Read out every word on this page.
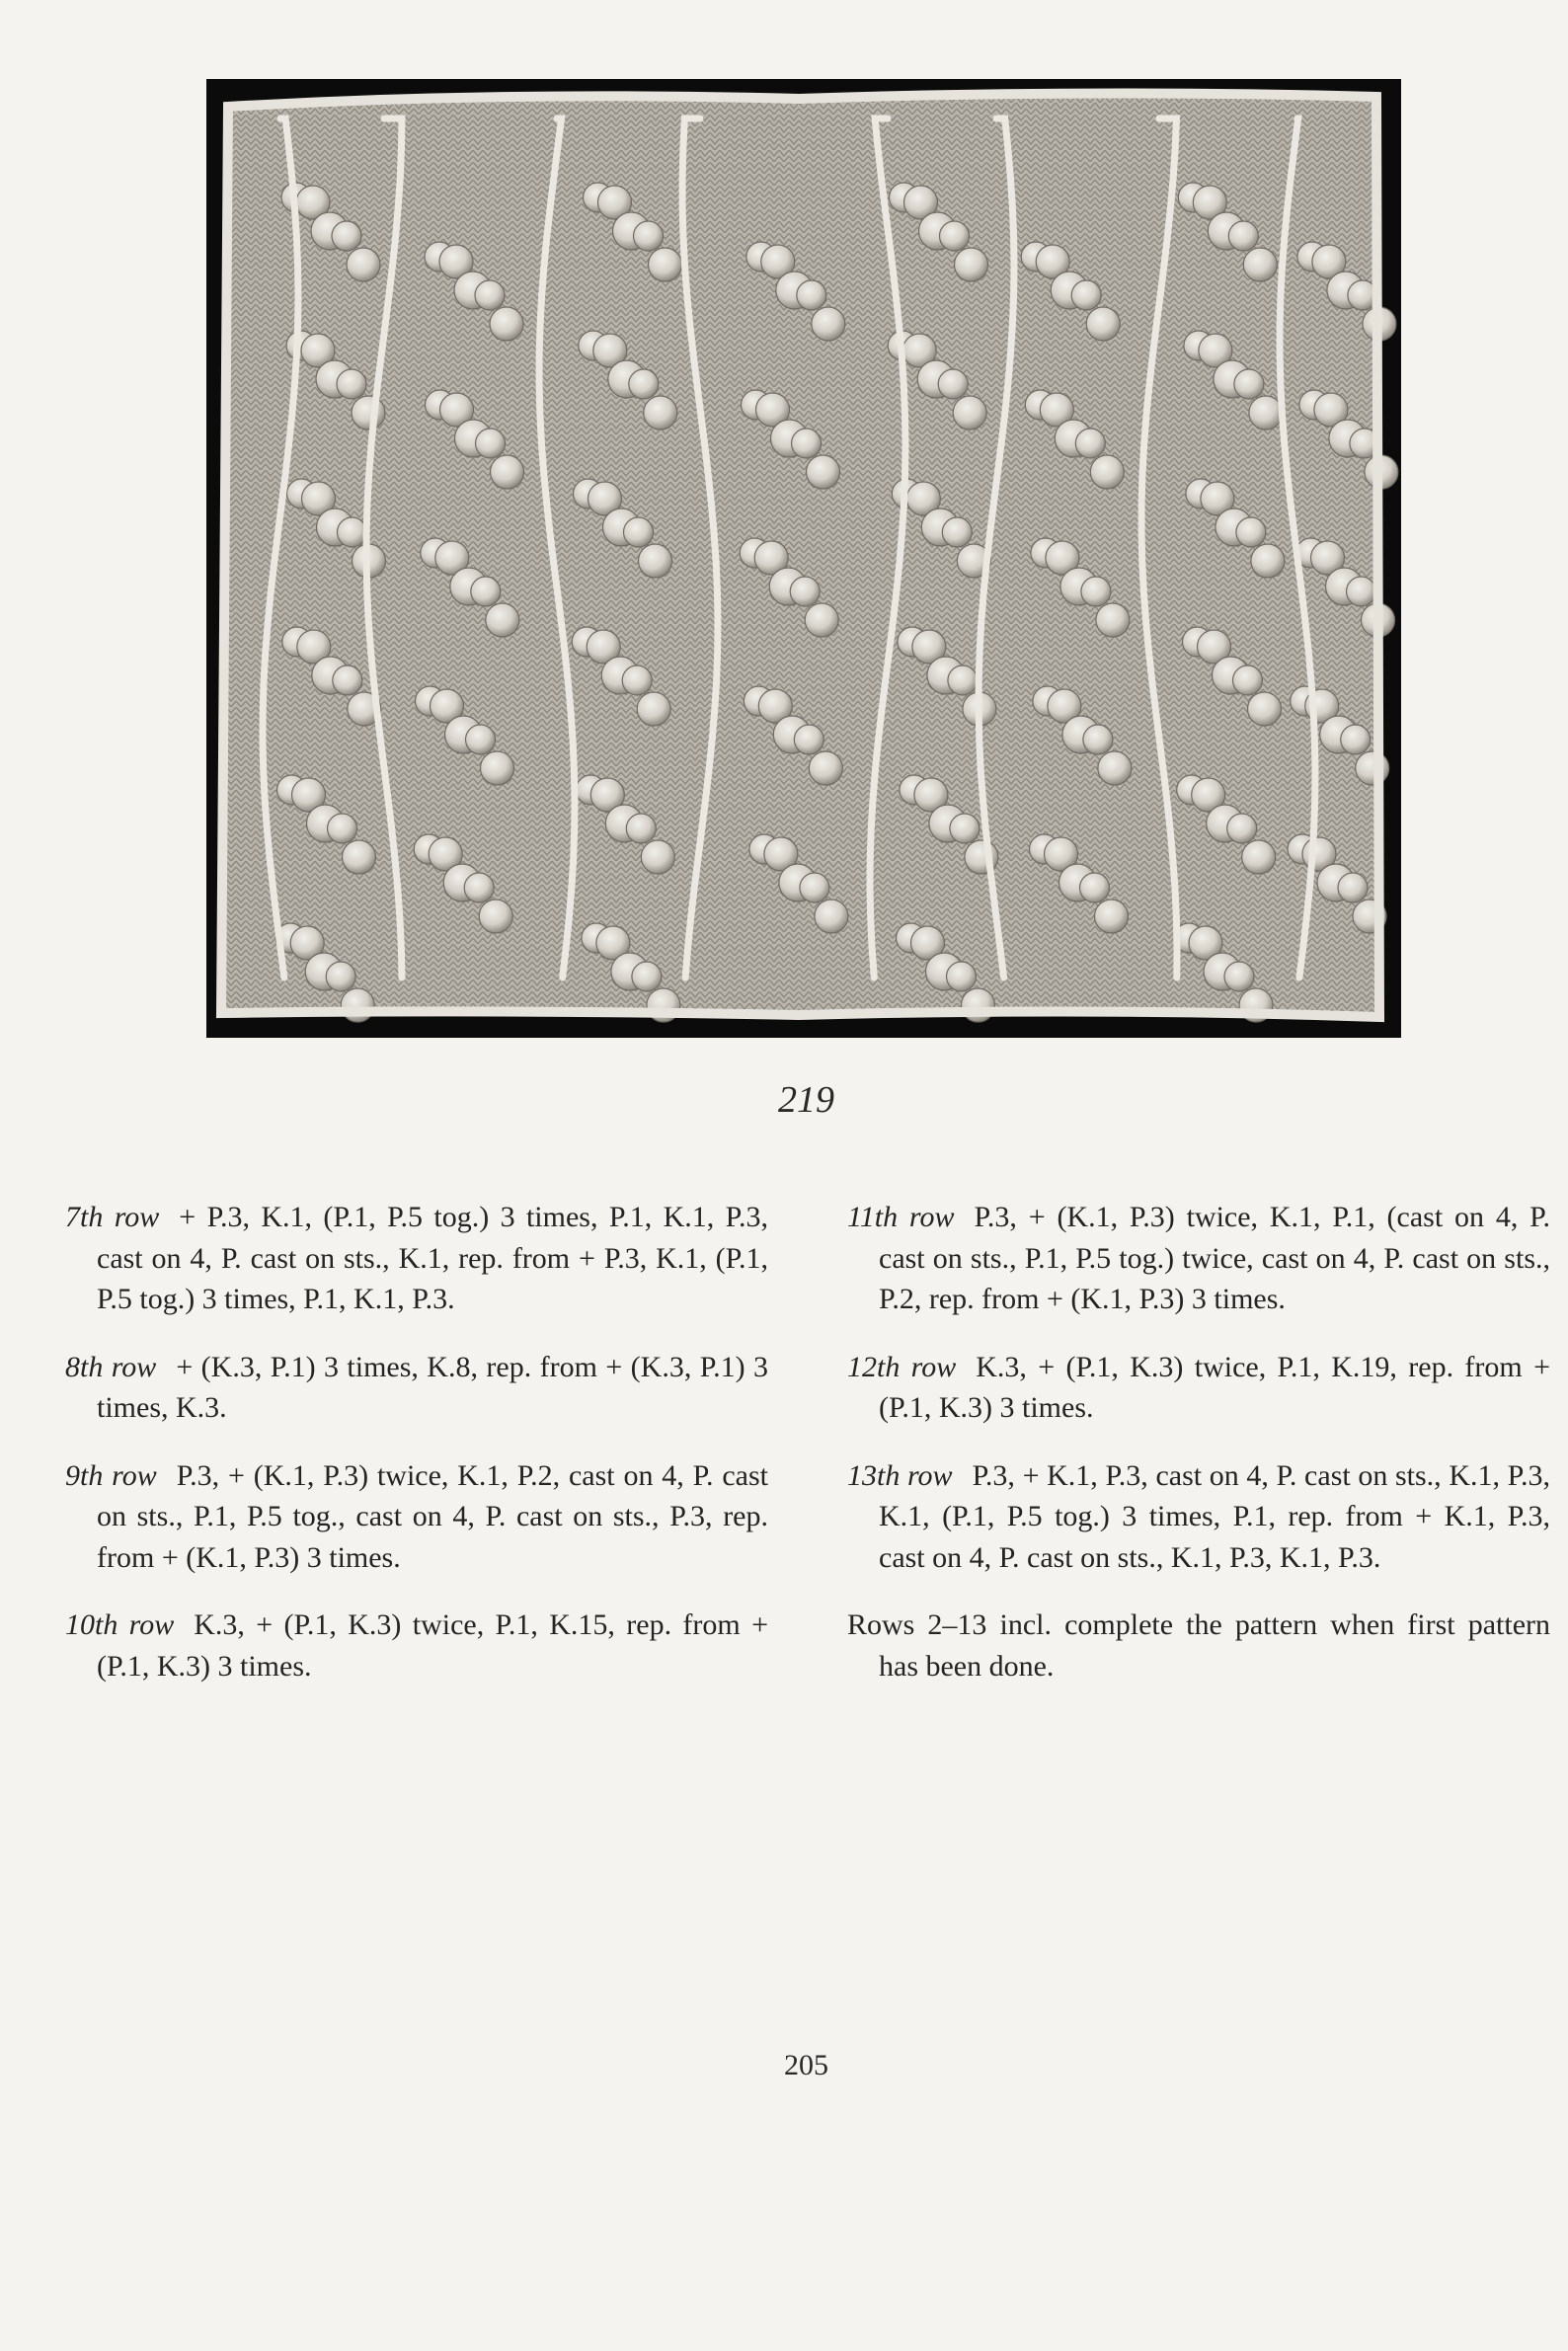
219

7th row + P.3, K.1, (P.1, P.5 tog.) 3 times, P.1, K.1, P.3, cast on 4, P. cast on sts., K.1, rep. from + P.3, K.1, (P.1, P.5 tog.) 3 times, P.1, K.1, P.3.

8th row + (K.3, P.1) 3 times, K.8, rep. from + (K.3, P.1) 3 times, K.3.

9th row P.3, + (K.1, P.3) twice, K.1, P.2, cast on 4, P. cast on sts., P.1, P.5 tog., cast on 4, P. cast on sts., P.3, rep. from + (K.1, P.3) 3 times.

10th row K.3, + (P.1, K.3) twice, P.1, K.15, rep. from + (P.1, K.3) 3 times.

11th row P.3, + (K.1, P.3) twice, K.1, P.1, (cast on 4, P. cast on sts., P.1, P.5 tog.) twice, cast on 4, P. cast on sts., P.2, rep. from + (K.1, P.3) 3 times.

12th row K.3, + (P.1, K.3) twice, P.1, K.19, rep. from + (P.1, K.3) 3 times.

13th row P.3, + K.1, P.3, cast on 4, P. cast on sts., K.1, P.3, K.1, (P.1, P.5 tog.) 3 times, P.1, rep. from + K.1, P.3, cast on 4, P. cast on sts., K.1, P.3, K.1, P.3.

Rows 2–13 incl. complete the pattern when first pattern has been done.

205
